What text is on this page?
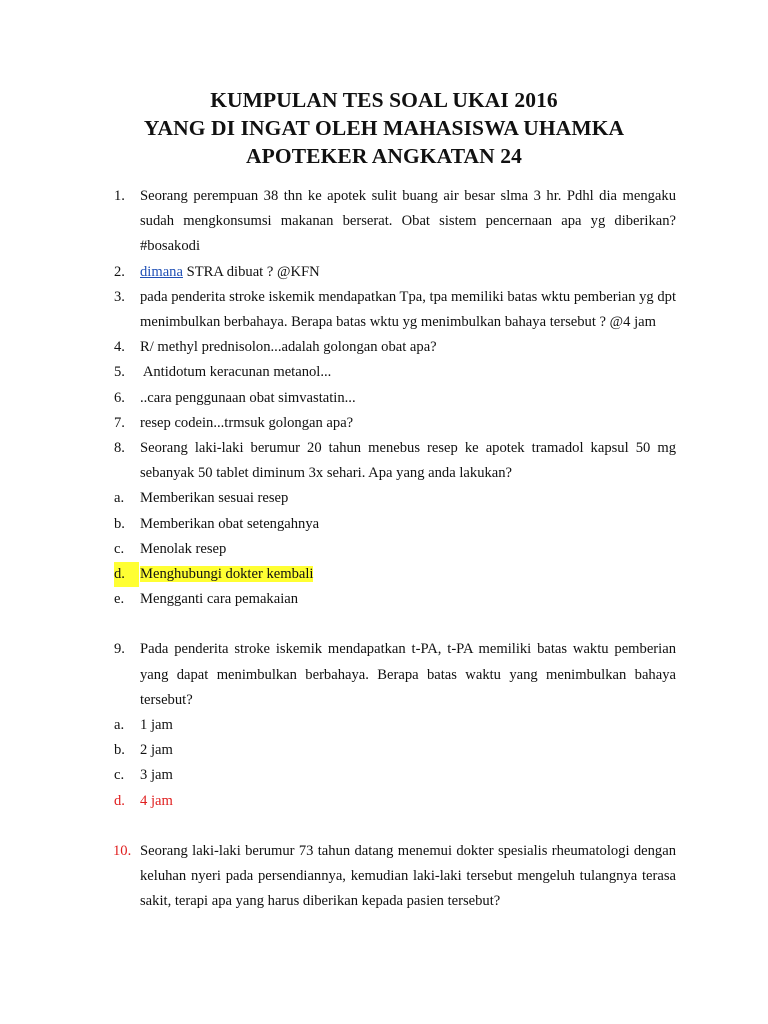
KUMPULAN TES SOAL UKAI 2016
YANG DI INGAT OLEH MAHASISWA UHAMKA
APOTEKER ANGKATAN 24
1. Seorang perempuan 38 thn ke apotek sulit buang air besar slma 3 hr. Pdhl dia mengaku sudah mengkonsumsi makanan berserat. Obat sistem pencernaan apa yg diberikan? #bosakodi
2. dimana STRA dibuat ? @KFN
3. pada penderita stroke iskemik mendapatkan Tpa, tpa memiliki batas wktu pemberian yg dpt menimbulkan berbahaya. Berapa batas wktu yg menimbulkan bahaya tersebut ? @4 jam
4. R/ methyl prednisolon...adalah golongan obat apa?
5. Antidotum keracunan metanol...
6. ..cara penggunaan obat simvastatin...
7. resep codein...trmsuk golongan apa?
8. Seorang laki-laki berumur 20 tahun menebus resep ke apotek tramadol kapsul 50 mg sebanyak 50 tablet diminum 3x sehari. Apa yang anda lakukan?
a. Memberikan sesuai resep
b. Memberikan obat setengahnya
c. Menolak resep
d.	Menghubungi dokter kembali
e. Mengganti cara pemakaian
9. Pada penderita stroke iskemik mendapatkan t-PA, t-PA memiliki batas waktu pemberian yang dapat menimbulkan berbahaya. Berapa batas waktu yang menimbulkan bahaya tersebut?
a. 1 jam
b. 2 jam
c. 3 jam
d. 4 jam
10. Seorang laki-laki berumur 73 tahun datang menemui dokter spesialis rheumatologi dengan keluhan nyeri pada persendiannya, kemudian laki-laki tersebut mengeluh tulangnya terasa sakit, terapi apa yang harus diberikan kepada pasien tersebut?
